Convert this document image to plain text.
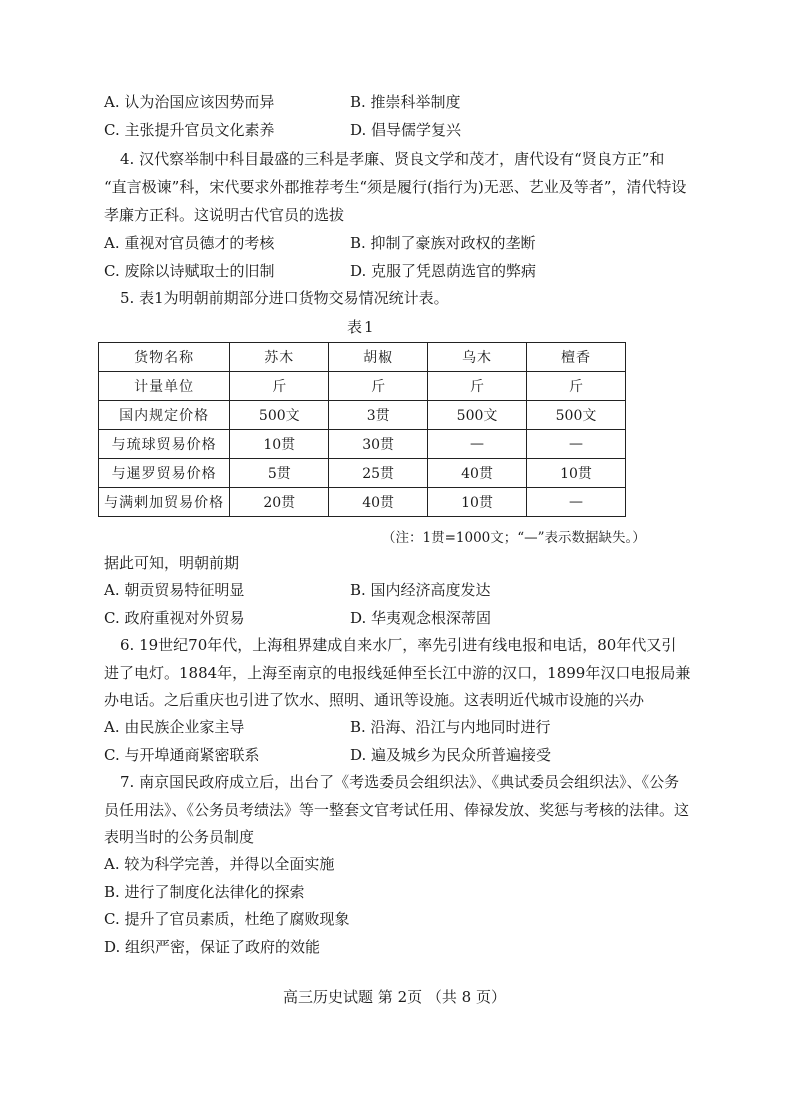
A. 认为治国应该因势而异	B. 推崇科举制度
C. 主张提升官员文化素养	D. 倡导儒学复兴
4. 汉代察举制中科目最盛的三科是孝廉、贤良文学和茂才，唐代设有“贤良方正”和
“直言极谏”科，宋代要求外郡推荐考生“须是履行(指行为)无恶、艺业及等者”，清代特设
孝廉方正科。这说明古代官员的选拔
A. 重视对官员德才的考核	B. 抑制了豪族对政权的垄断
C. 废除以诗赋取士的旧制	D. 克服了凭恩荫选官的弊病
5. 表1为明朝前期部分进口货物交易情况统计表。
表1
货物名称	苏木	胡椒	乌木	檀香
计量单位	斤	斤	斤	斤
国内规定价格	500文	3贯	500文	500文
与琉球贸易价格	10贯	30贯	—	—
与暹罗贸易价格	5贯	25贯	40贯	10贯
与满剌加贸易价格	20贯	40贯	10贯	—
（注：1贯=1000文；“—”表示数据缺失。）
据此可知，明朝前期
A. 朝贡贸易特征明显	B. 国内经济高度发达
C. 政府重视对外贸易	D. 华夷观念根深蒂固
6. 19世纪70年代，上海租界建成自来水厂，率先引进有线电报和电话，80年代又引
进了电灯。1884年，上海至南京的电报线延伸至长江中游的汉口，1899年汉口电报局兼
办电话。之后重庆也引进了饮水、照明、通讯等设施。这表明近代城市设施的兴办
A. 由民族企业家主导	B. 沿海、沿江与内地同时进行
C. 与开埠通商紧密联系	D. 遍及城乡为民众所普遍接受
7. 南京国民政府成立后，出台了《考选委员会组织法》、《典试委员会组织法》、《公务
员任用法》、《公务员考绩法》等一整套文官考试任用、俸禄发放、奖惩与考核的法律。这
表明当时的公务员制度
A. 较为科学完善，并得以全面实施
B. 进行了制度化法律化的探索
C. 提升了官员素质，杜绝了腐败现象
D. 组织严密，保证了政府的效能
高三历史试题 第 2页 （共 8 页）
